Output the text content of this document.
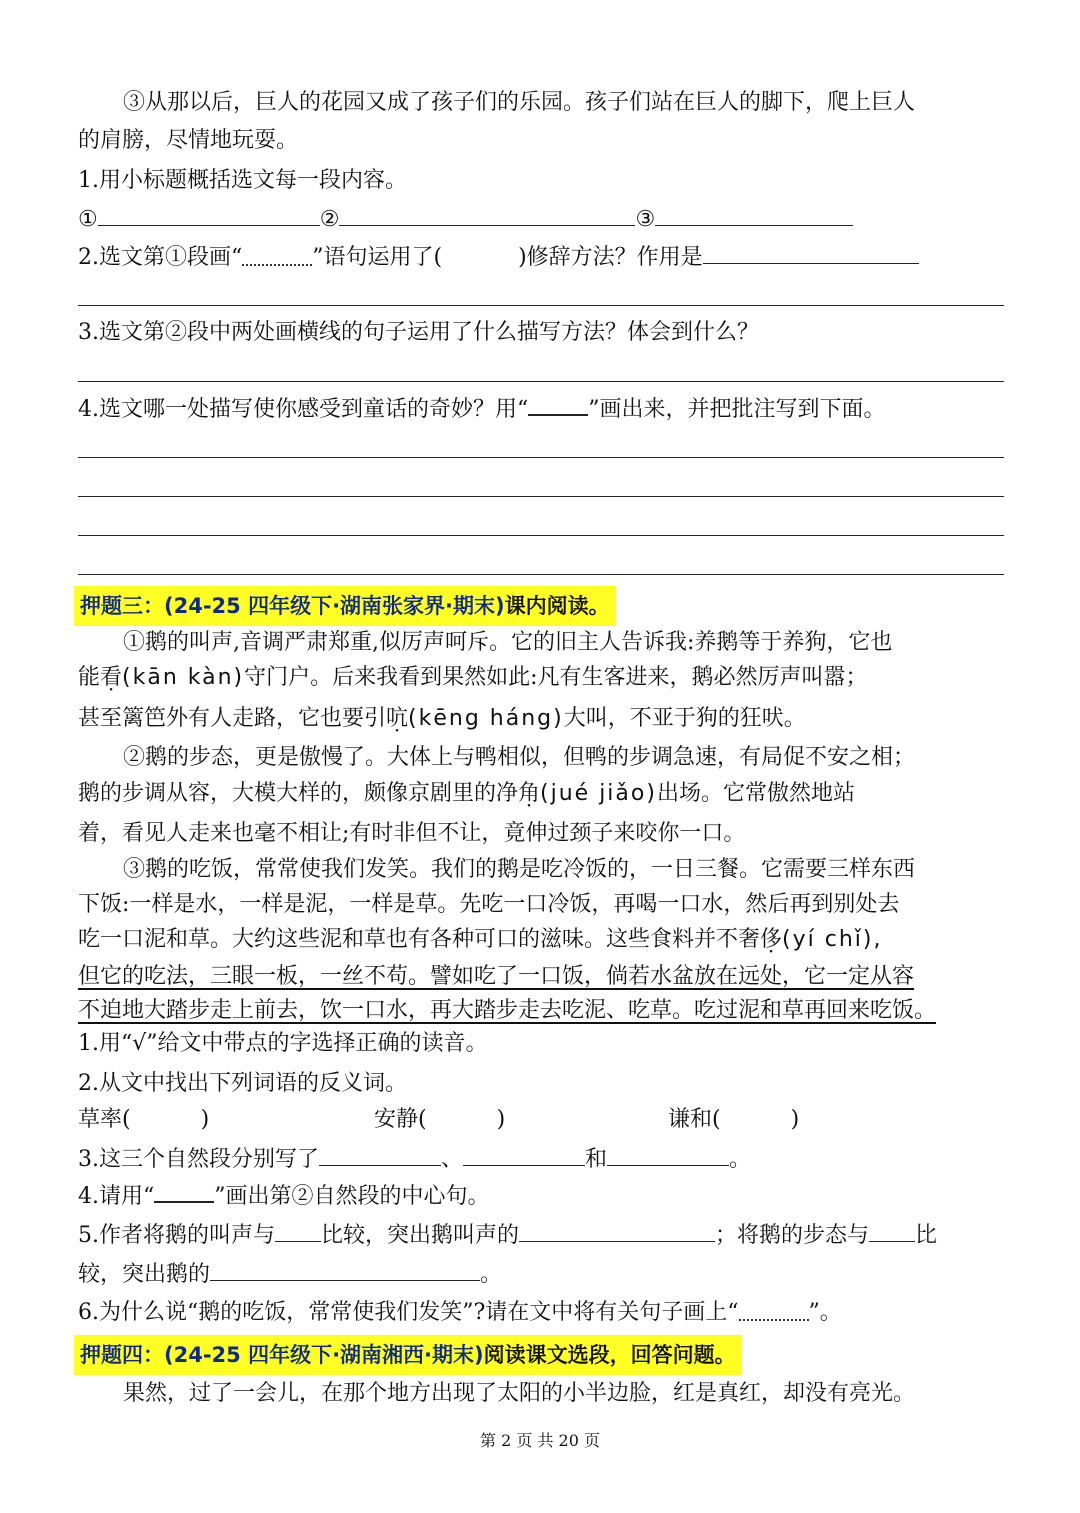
③从那以后，巨人的花园又成了孩子们的乐园。孩子们站在巨人的脚下，爬上巨人
的肩膀，尽情地玩耍。
1.用小标题概括选文每一段内容。
①	②	③
2.选文第①段画“	”语句运用了(	)修辞方法？作用是
3.选文第②段中两处画横线的句子运用了什么描写方法？体会到什么？
4.选文哪一处描写使你感受到童话的奇妙？用“	”画出来，并把批注写到下面。
押题三：(24-25 四年级下·湖南张家界·期末)课内阅读。
①鹅的叫声,音调严肃郑重,似厉声呵斥。它的旧主人告诉我:养鹅等于养狗，它也
能看(kān kàn)守门户。后来我看到果然如此:凡有生客进来，鹅必然厉声叫嚣；
甚至篱笆外有人走路，它也要引吭(kēng háng)大叫，不亚于狗的狂吠。
②鹅的步态，更是傲慢了。大体上与鸭相似，但鸭的步调急速，有局促不安之相；
鹅的步调从容，大模大样的，颇像京剧里的净角(jué jiǎo)出场。它常傲然地站
着，看见人走来也毫不相让;有时非但不让，竟伸过颈子来咬你一口。
③鹅的吃饭，常常使我们发笑。我们的鹅是吃冷饭的，一日三餐。它需要三样东西
下饭:一样是水，一样是泥，一样是草。先吃一口冷饭，再喝一口水，然后再到别处去
吃一口泥和草。大约这些泥和草也有各种可口的滋味。这些食料并不奢侈(yí chǐ),
但它的吃法，三眼一板，一丝不苟。譬如吃了一口饭，倘若水盆放在远处，它一定从容
不迫地大踏步走上前去，饮一口水，再大踏步走去吃泥、吃草。吃过泥和草再回来吃饭。
1.用“√”给文中带点的字选择正确的读音。
2.从文中找出下列词语的反义词。
草率(	)	安静(	)	谦和(	)
3.这三个自然段分别写了	、	和	。
4.请用“	”画出第②自然段的中心句。
5.作者将鹅的叫声与 比较，突出鹅叫声的	；将鹅的步态与 比
较，突出鹅的	。
6.为什么说“鹅的吃饭，常常使我们发笑”?请在文中将有关句子画上“	”。
押题四：(24-25 四年级下·湖南湘西·期末)阅读课文选段，回答问题。
果然，过了一会儿，在那个地方出现了太阳的小半边脸，红是真红，却没有亮光。
第 2 页 共 20 页
